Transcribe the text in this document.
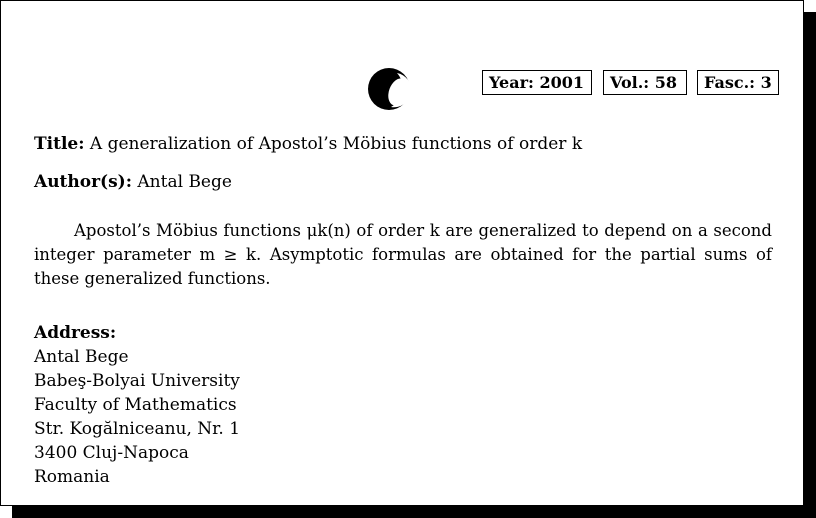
Year: 2001	Vol.: 58	Fasc.: 3
Title: A generalization of Apostol’s Möbius functions of order k
Author(s): Antal Bege

Apostol’s Möbius functions μk(n) of order k are generalized to depend on a second integer parameter m ≥ k. Asymptotic formulas are obtained for the partial sums of these generalized functions.

Address:
Antal Bege
Babeş-Bolyai University
Faculty of Mathematics
Str. Kogălniceanu, Nr. 1
3400 Cluj-Napoca
Romania
